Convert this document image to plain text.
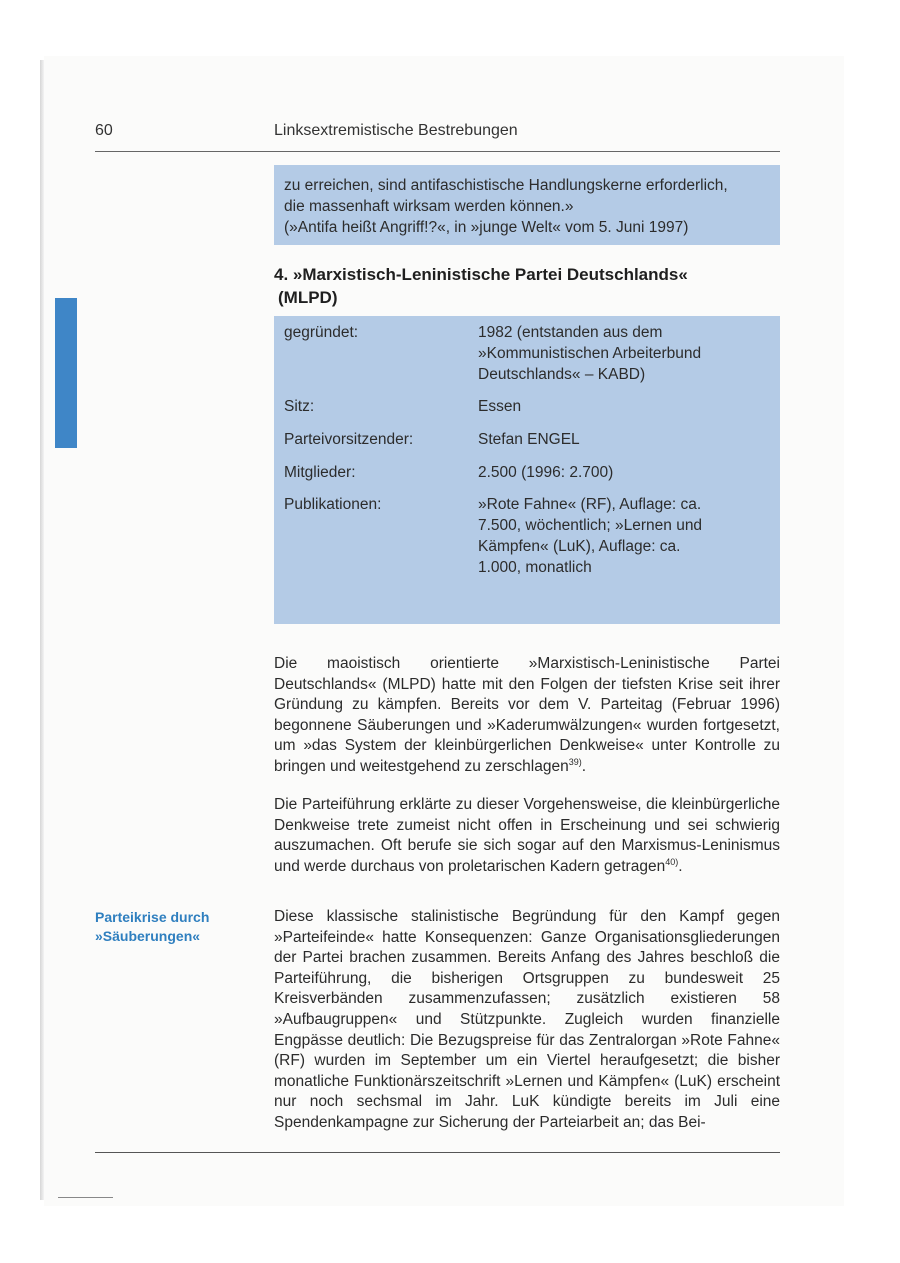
60	Linksextremistische Bestrebungen
zu erreichen, sind antifaschistische Handlungskerne erforderlich,
die massenhaft wirksam werden können.»
(»Antifa heißt Angriff!?«, in »junge Welt« vom 5. Juni 1997)
4. »Marxistisch-Leninistische Partei Deutschlands«
(MLPD)
gegründet:	1982 (entstanden aus dem »Kommunistischen Arbeiterbund Deutschlands« – KABD)
Sitz:	Essen
Parteivorsitzender:	Stefan ENGEL
Mitglieder:	2.500 (1996: 2.700)
Publikationen:	»Rote Fahne« (RF), Auflage: ca. 7.500, wöchentlich; »Lernen und Kämpfen« (LuK), Auflage: ca. 1.000, monatlich

Die maoistisch orientierte »Marxistisch-Leninistische Partei Deutschlands« (MLPD) hatte mit den Folgen der tiefsten Krise seit ihrer Gründung zu kämpfen. Bereits vor dem V. Parteitag (Februar 1996) begonnene Säuberungen und »Kaderumwälzungen« wurden fortgesetzt, um »das System der kleinbürgerlichen Denkweise« unter Kontrolle zu bringen und weitestgehend zu zerschlagen$^{39)}$.

Die Parteiführung erklärte zu dieser Vorgehensweise, die kleinbürgerliche Denkweise trete zumeist nicht offen in Erscheinung und sei schwierig auszumachen. Oft berufe sie sich sogar auf den Marxismus-Leninismus und werde durchaus von proletarischen Kadern getragen$^{40)}$.

Parteikrise durch
»Säuberungen«

Diese klassische stalinistische Begründung für den Kampf gegen »Parteifeinde« hatte Konsequenzen: Ganze Organisationsgliederungen der Partei brachen zusammen. Bereits Anfang des Jahres beschloß die Parteiführung, die bisherigen Ortsgruppen zu bundesweit 25 Kreisverbänden zusammenzufassen; zusätzlich existieren 58 »Aufbaugruppen« und Stützpunkte. Zugleich wurden finanzielle Engpässe deutlich: Die Bezugspreise für das Zentralorgan »Rote Fahne« (RF) wurden im September um ein Viertel heraufgesetzt; die bisher monatliche Funktionärszeitschrift »Lernen und Kämpfen« (LuK) erscheint nur noch sechsmal im Jahr. LuK kündigte bereits im Juli eine Spendenkampagne zur Sicherung der Parteiarbeit an; das Bei-
